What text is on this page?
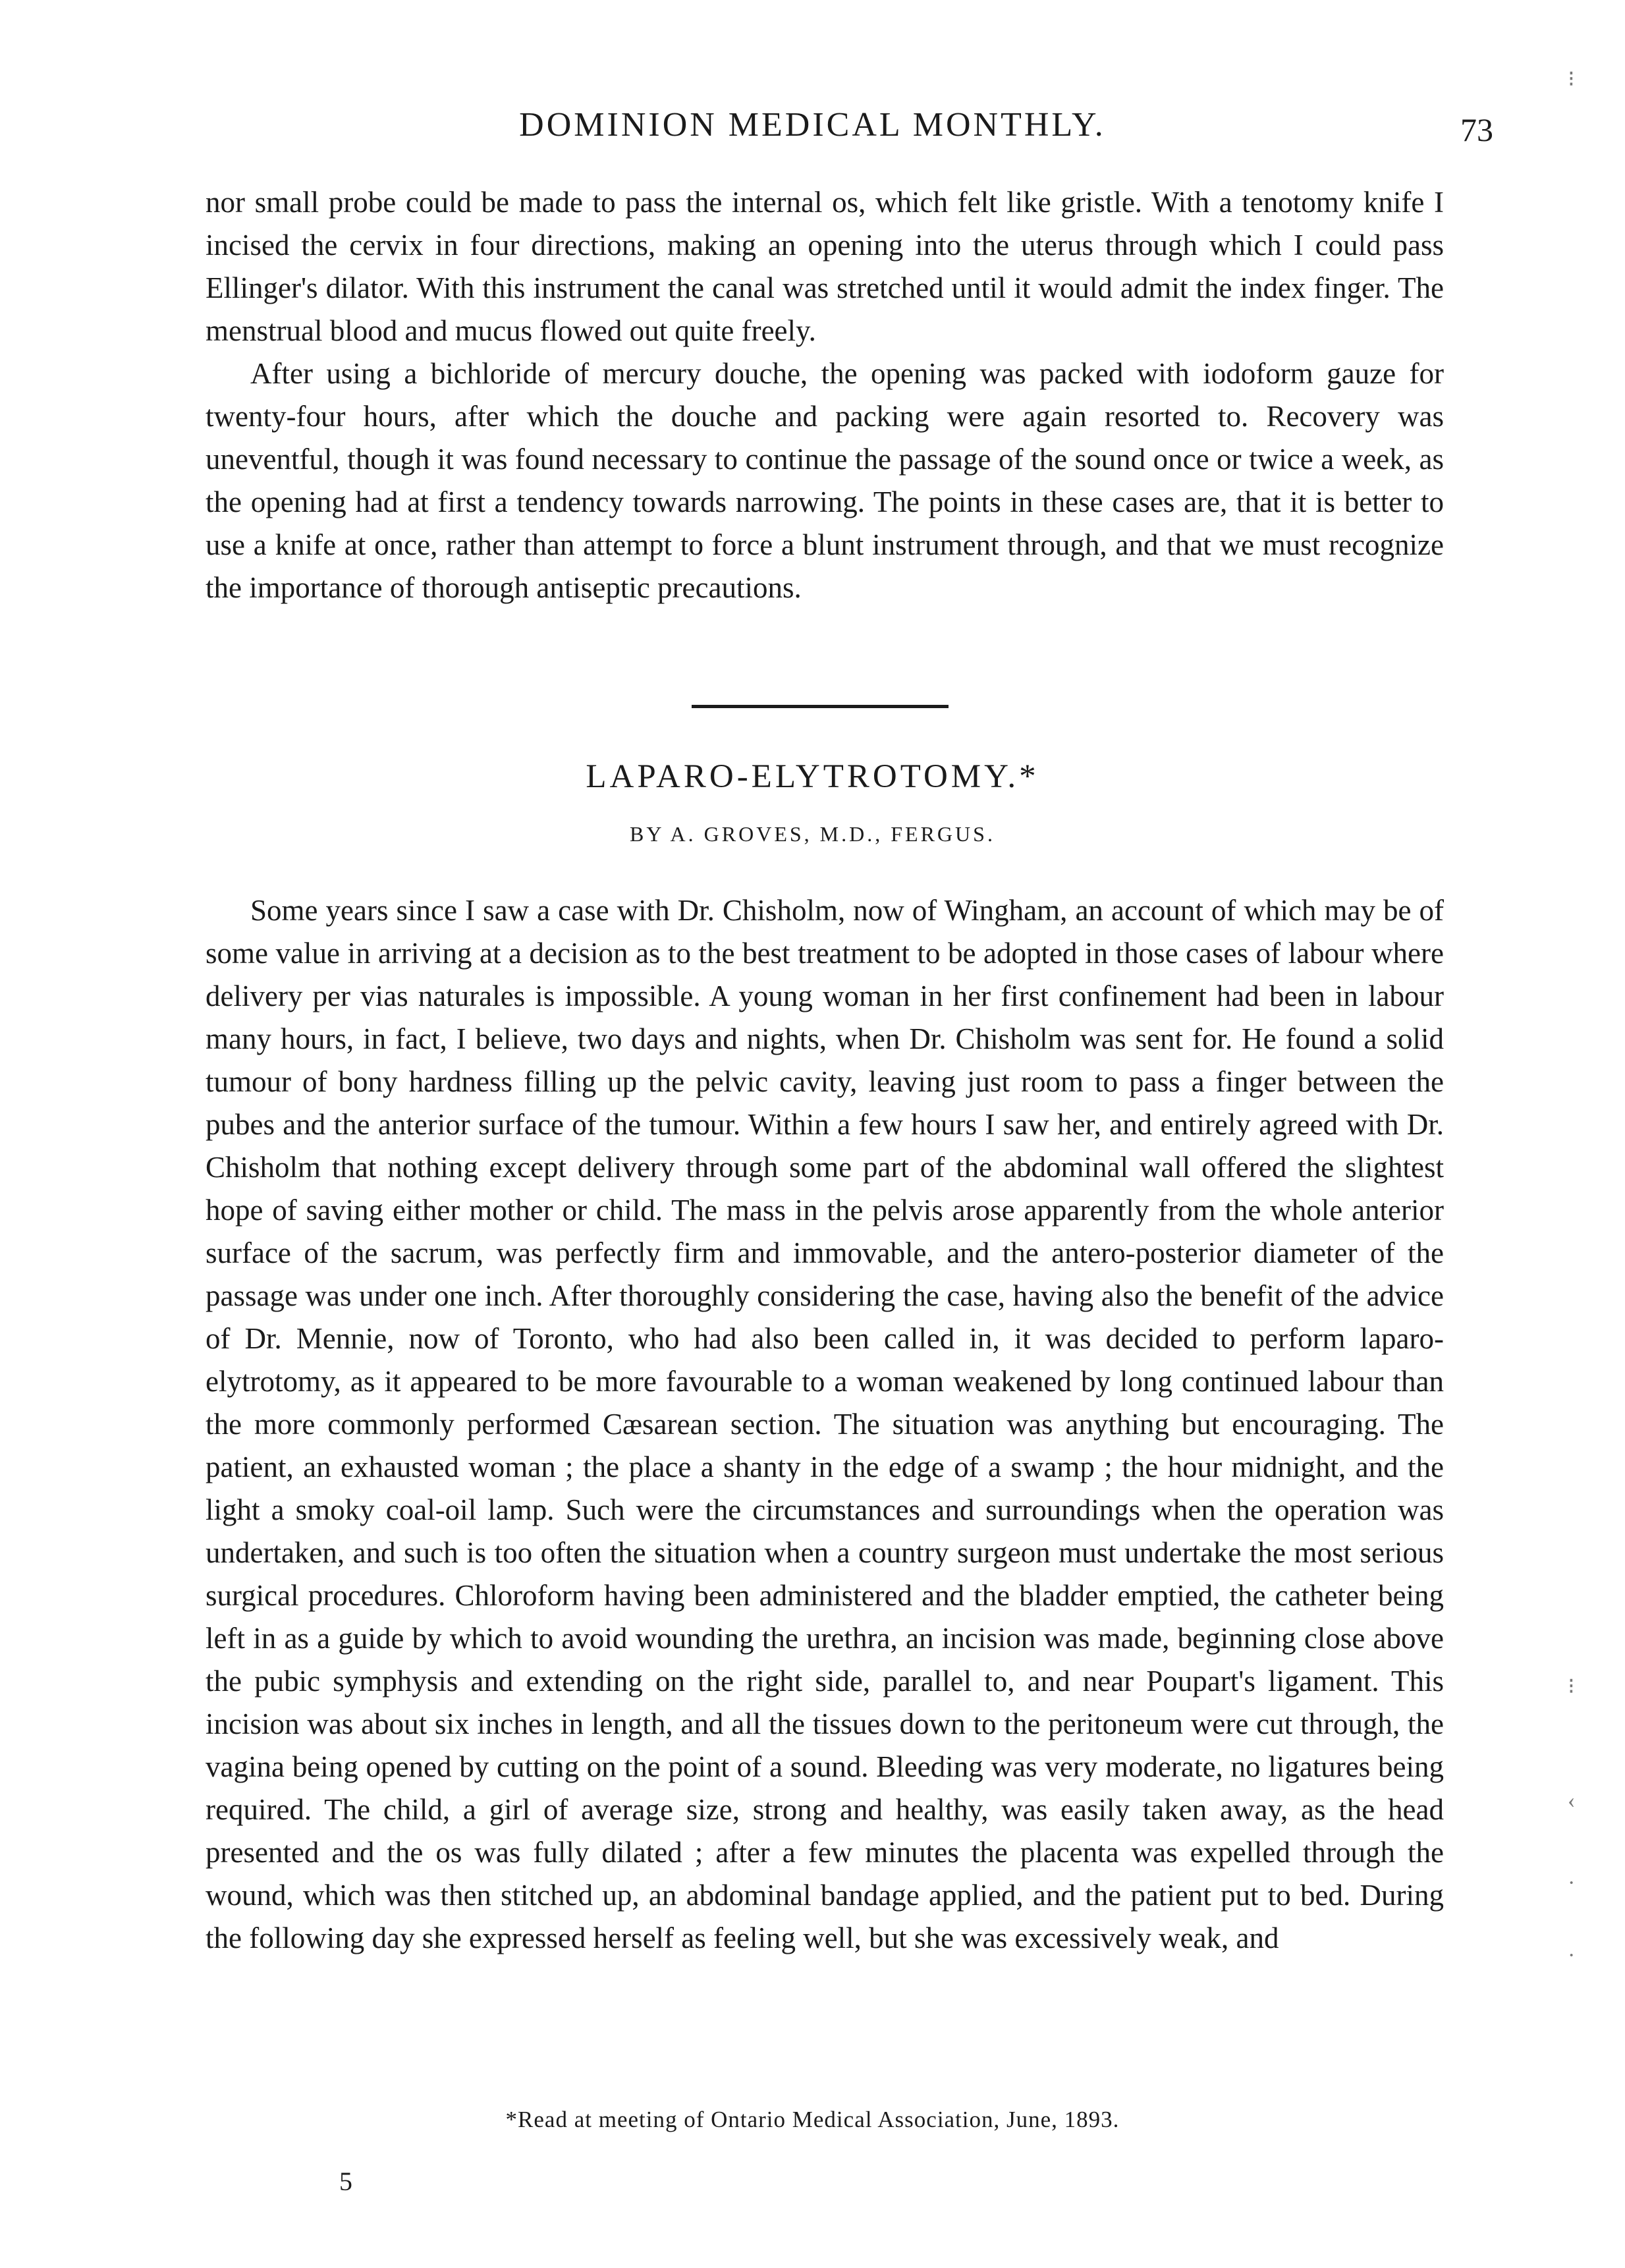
DOMINION MEDICAL MONTHLY.	73

nor small probe could be made to pass the internal os, which felt like gristle. With a tenotomy knife I incised the cervix in four directions, making an opening into the uterus through which I could pass Ellinger's dilator. With this instrument the canal was stretched until it would admit the index finger. The menstrual blood and mucus flowed out quite freely.

After using a bichloride of mercury douche, the opening was packed with iodoform gauze for twenty-four hours, after which the douche and packing were again resorted to. Recovery was uneventful, though it was found necessary to continue the passage of the sound once or twice a week, as the opening had at first a tendency towards narrowing. The points in these cases are, that it is better to use a knife at once, rather than attempt to force a blunt instrument through, and that we must recognize the importance of thorough antiseptic precautions.

LAPARO-ELYTROTOMY.*
BY A. GROVES, M.D., FERGUS.

Some years since I saw a case with Dr. Chisholm, now of Wingham, an account of which may be of some value in arriving at a decision as to the best treatment to be adopted in those cases of labour where delivery per vias naturales is impossible. A young woman in her first confinement had been in labour many hours, in fact, I believe, two days and nights, when Dr. Chisholm was sent for. He found a solid tumour of bony hardness filling up the pelvic cavity, leaving just room to pass a finger between the pubes and the anterior surface of the tumour. Within a few hours I saw her, and entirely agreed with Dr. Chisholm that nothing except delivery through some part of the abdominal wall offered the slightest hope of saving either mother or child. The mass in the pelvis arose apparently from the whole anterior surface of the sacrum, was perfectly firm and immovable, and the antero-posterior diameter of the passage was under one inch. After thoroughly considering the case, having also the benefit of the advice of Dr. Mennie, now of Toronto, who had also been called in, it was decided to perform laparo-elytrotomy, as it appeared to be more favourable to a woman weakened by long continued labour than the more commonly performed Cæsarean section. The situation was anything but encouraging. The patient, an exhausted woman ; the place a shanty in the edge of a swamp ; the hour midnight, and the light a smoky coal-oil lamp. Such were the circumstances and surroundings when the operation was undertaken, and such is too often the situation when a country surgeon must undertake the most serious surgical procedures. Chloroform having been administered and the bladder emptied, the catheter being left in as a guide by which to avoid wounding the urethra, an incision was made, beginning close above the pubic symphysis and extending on the right side, parallel to, and near Poupart's ligament. This incision was about six inches in length, and all the tissues down to the peritoneum were cut through, the vagina being opened by cutting on the point of a sound. Bleeding was very moderate, no ligatures being required. The child, a girl of average size, strong and healthy, was easily taken away, as the head presented and the os was fully dilated ; after a few minutes the placenta was expelled through the wound, which was then stitched up, an abdominal bandage applied, and the patient put to bed. During the following day she expressed herself as feeling well, but she was excessively weak, and

*Read at meeting of Ontario Medical Association, June, 1893.
5
⁝
⁝
‹
·
·
